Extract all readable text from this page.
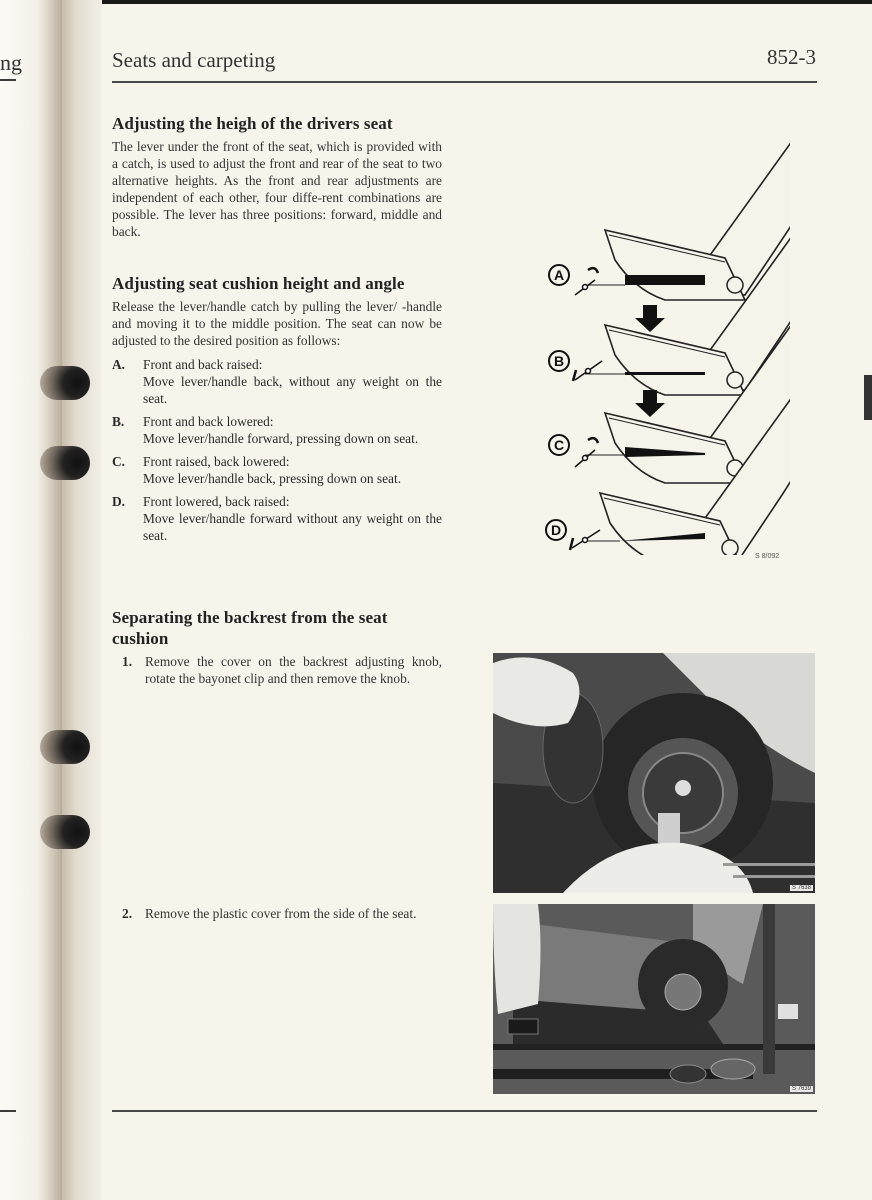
ng	Seats and carpeting	852-3
Adjusting the heigh of the drivers seat

The lever under the front of the seat, which is provided with a catch, is used to adjust the front and rear of the seat to two alternative heights. As the front and rear adjustments are independent of each other, four diffe-rent combinations are possible. The lever has three positions: forward, middle and back.

Adjusting seat cushion height and angle

Release the lever/handle catch by pulling the lever/ -handle and moving it to the middle position. The seat can now be adjusted to the desired position as follows:

A. Front and back raised:
Move lever/handle back, without any weight on the seat.
B. Front and back lowered:
Move lever/handle forward, pressing down on seat.
C. Front raised, back lowered:
Move lever/handle back, pressing down on seat.
D. Front lowered, back raised:
Move lever/handle forward without any weight on the seat.
Separating the backrest from the seat cushion
1. Remove the cover on the backrest adjusting knob, rotate the bayonet clip and then remove the knob.

2. Remove the plastic cover from the side of the seat.

A
B
C
D
S 8/092
S 7638
S 7639
